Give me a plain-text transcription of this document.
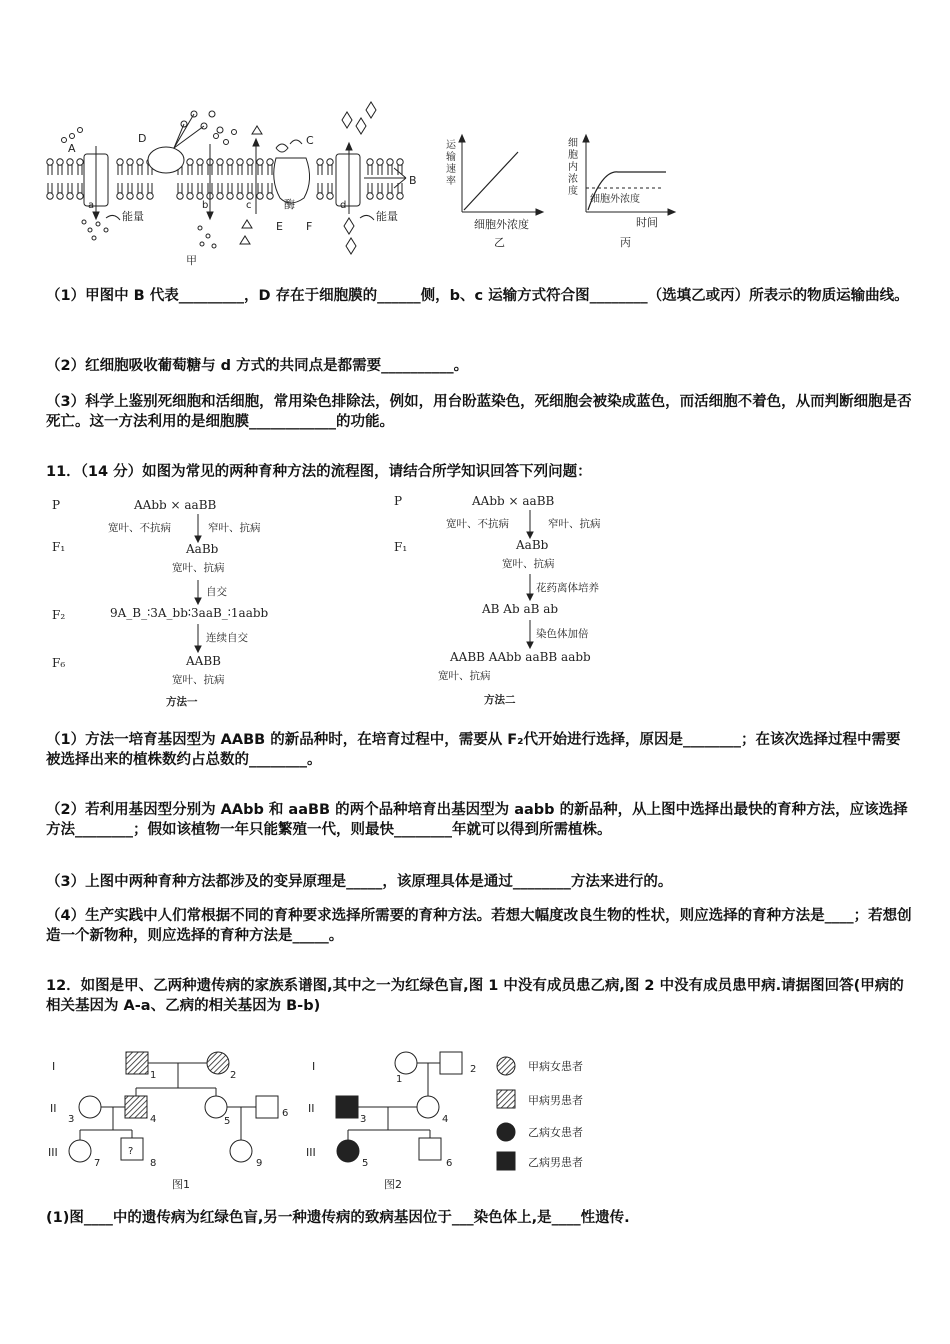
A
B
C
D
E F
a	b	c	d
能量	能量
酶
甲
运
输
速
率
细胞外浓度
乙
细
胞
内
浓
度
细胞外浓度
时间
丙
（1）甲图中 B 代表_________，D 存在于细胞膜的______侧，b、c 运输方式符合图________（选填乙或丙）所表示的物质运输曲线。
（2）红细胞吸收葡萄糖与 d 方式的共同点是都需要__________。
（3）科学上鉴别死细胞和活细胞，常用染色排除法，例如，用台盼蓝染色，死细胞会被染成蓝色，而活细胞不着色，从而判断细胞是否死亡。这一方法利用的是细胞膜____________的功能。
11．（14 分）如图为常见的两种育种方法的流程图，请结合所学知识回答下列问题：
P	AAbb × aaBB
宽叶、不抗病	窄叶、抗病
F₁	AaBb
宽叶、抗病
自交
F₂	9A_B_∶3A_bb∶3aaB_∶1aabb
连续自交
F₆	AABB
宽叶、抗病
方法一
P	AAbb × aaBB
宽叶、不抗病	窄叶、抗病
F₁	AaBb
宽叶、抗病
花药离体培养
AB Ab aB ab
染色体加倍
AABB AAbb aaBB aabb
宽叶、抗病
方法二
（1）方法一培育基因型为 AABB 的新品种时，在培育过程中，需要从 F₂代开始进行选择，原因是________；在该次选择过程中需要被选择出来的植株数约占总数的________。
（2）若利用基因型分别为 AAbb 和 aaBB 的两个品种培育出基因型为 aabb 的新品种，从上图中选择出最快的育种方法，应该选择方法________；假如该植物一年只能繁殖一代，则最快________年就可以得到所需植株。
（3）上图中两种育种方法都涉及的变异原理是_____，该原理具体是通过________方法来进行的。
（4）生产实践中人们常根据不同的育种要求选择所需要的育种方法。若想大幅度改良生物的性状，则应选择的育种方法是____；若想创造一个新物种，则应选择的育种方法是_____。
12．如图是甲、乙两种遗传病的家族系谱图,其中之一为红绿色盲,图 1 中没有成员患乙病,图 2 中没有成员患甲病.请据图回答(甲病的相关基因为 A-a、乙病的相关基因为 B-b)
I
II
III	?
1	2
3	4	5
6
7	8	9
图1
I
II
III
1
2
3	4
5	6
图2
甲病女患者
甲病男患者
乙病女患者
乙病男患者
(1)图____中的遗传病为红绿色盲,另一种遗传病的致病基因位于___染色体上,是____性遗传.
